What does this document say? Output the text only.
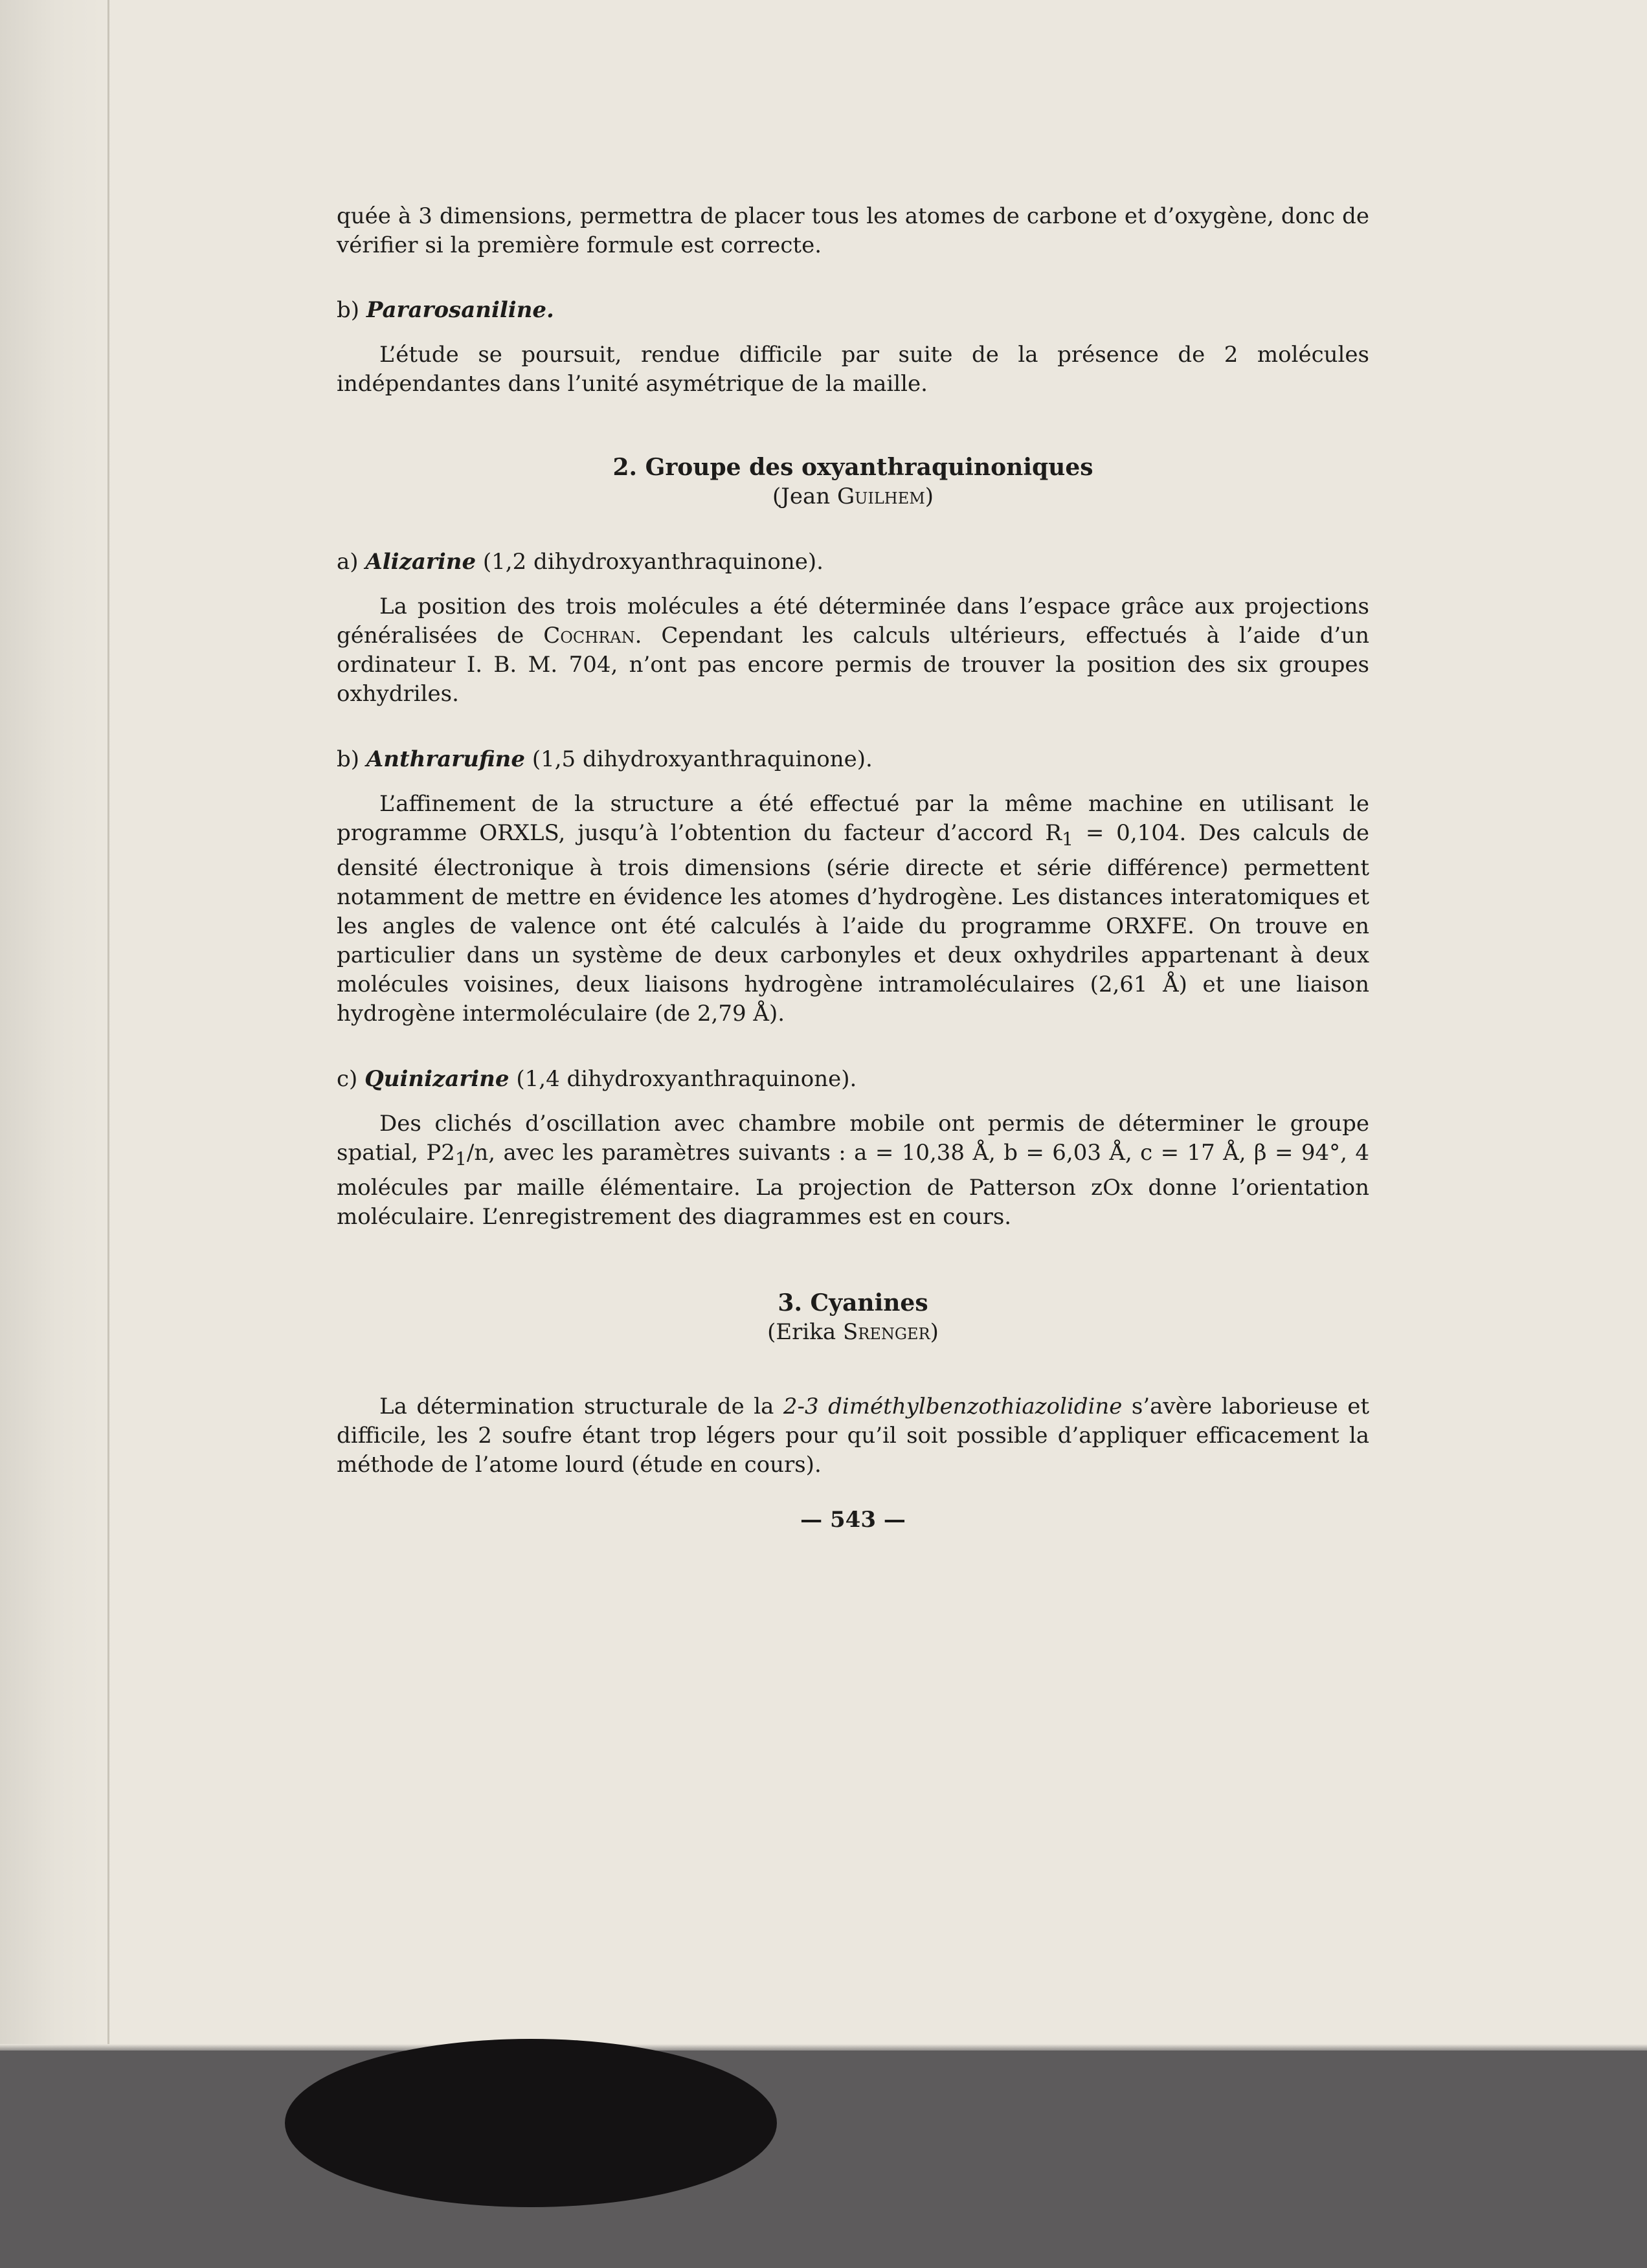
quée à 3 dimensions, permettra de placer tous les atomes de carbone et d’oxygène, donc de vérifier si la première formule est correcte.

b) Pararosaniline.

L’étude se poursuit, rendue difficile par suite de la présence de 2 molécules indépendantes dans l’unité asymétrique de la maille.

2. Groupe des oxyanthraquinoniques

(Jean Guilhem)

a) Alizarine (1,2 dihydroxyanthraquinone).

La position des trois molécules a été déterminée dans l’espace grâce aux projections généralisées de Cochran. Cependant les calculs ultérieurs, effectués à l’aide d’un ordinateur I. B. M. 704, n’ont pas encore permis de trouver la position des six groupes oxhydriles.

b) Anthrarufine (1,5 dihydroxyanthraquinone).

L’affinement de la structure a été effectué par la même machine en utilisant le programme ORXLS, jusqu’à l’obtention du facteur d’accord $R_1 = 0,104$. Des calculs de densité électronique à trois dimensions (série directe et série différence) permettent notamment de mettre en évidence les atomes d’hydrogène. Les distances interatomiques et les angles de valence ont été calculés à l’aide du programme ORXFE. On trouve en particulier dans un système de deux carbonyles et deux oxhydriles appartenant à deux molécules voisines, deux liaisons hydrogène intramoléculaires (2,61 Å) et une liaison hydrogène intermoléculaire (de 2,79 Å).

c) Quinizarine (1,4 dihydroxyanthraquinone).

Des clichés d’oscillation avec chambre mobile ont permis de déterminer le groupe spatial, $P2_1/n$, avec les paramètres suivants : a = 10,38 Å, b = 6,03 Å, c = 17 Å, β = 94°, 4 molécules par maille élémentaire. La projection de Patterson zOx donne l’orientation moléculaire. L’enregistrement des diagrammes est en cours.

3. Cyanines

(Erika Srenger)

La détermination structurale de la 2-3 diméthylbenzothiazolidine s’avère laborieuse et difficile, les 2 soufre étant trop légers pour qu’il soit possible d’appliquer efficacement la méthode de l’atome lourd (étude en cours).

— 543 —
